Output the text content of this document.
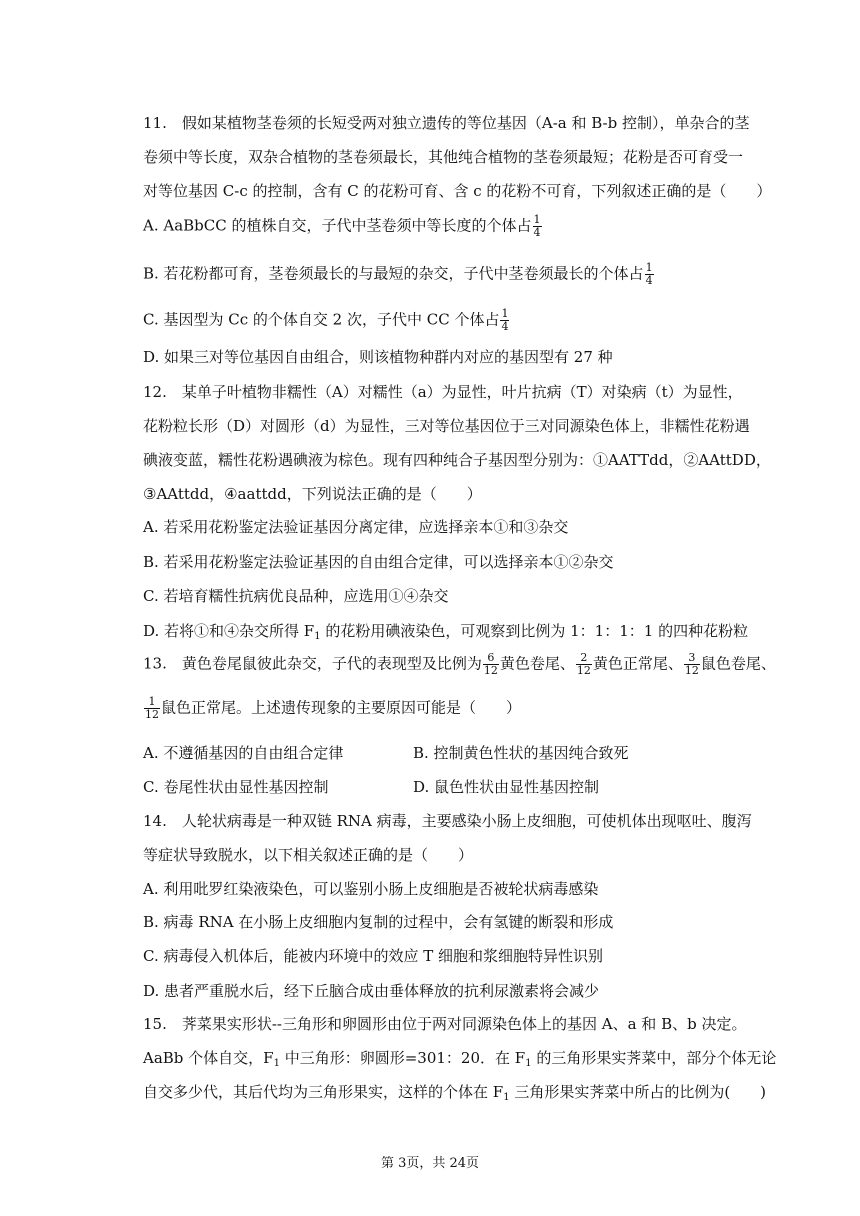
11.　假如某植物茎卷须的长短受两对独立遗传的等位基因（A-a 和 B-b 控制），单杂合的茎
卷须中等长度，双杂合植物的茎卷须最长，其他纯合植物的茎卷须最短；花粉是否可育受一
对等位基因 C-c 的控制，含有 C 的花粉可育、含 c 的花粉不可育，下列叙述正确的是（　　）
A. AaBbCC 的植株自交，子代中茎卷须中等长度的个体占 $\frac{1}{4}$
B. 若花粉都可育，茎卷须最长的与最短的杂交，子代中茎卷须最长的个体占 $\frac{1}{4}$
C. 基因型为 Cc 的个体自交 2 次，子代中 CC 个体占 $\frac{1}{4}$
D. 如果三对等位基因自由组合，则该植物种群内对应的基因型有 27 种
12.　某单子叶植物非糯性（A）对糯性（a）为显性，叶片抗病（T）对染病（t）为显性，
花粉粒长形（D）对圆形（d）为显性，三对等位基因位于三对同源染色体上，非糯性花粉遇
碘液变蓝，糯性花粉遇碘液为棕色。现有四种纯合子基因型分别为：①AATTdd，②AAttDD，
③AAttdd，④aattdd，下列说法正确的是（　　）
A. 若采用花粉鉴定法验证基因分离定律，应选择亲本①和③杂交
B. 若采用花粉鉴定法验证基因的自由组合定律，可以选择亲本①②杂交
C. 若培育糯性抗病优良品种，应选用①④杂交
D. 若将①和④杂交所得 $F_1$ 的花粉用碘液染色，可观察到比例为 1：1：1：1 的四种花粉粒
13.　黄色卷尾鼠彼此杂交，子代的表现型及比例为 $\frac{6}{12}$ 黄色卷尾、 $\frac{2}{12}$ 黄色正常尾、 $\frac{3}{12}$ 鼠色卷尾、
$\frac{1}{12}$ 鼠色正常尾。上述遗传现象的主要原因可能是（　　）
A. 不遵循基因的自由组合定律	B. 控制黄色性状的基因纯合致死
C. 卷尾性状由显性基因控制	D. 鼠色性状由显性基因控制
14.　人轮状病毒是一种双链 RNA 病毒，主要感染小肠上皮细胞，可使机体出现呕吐、腹泻
等症状导致脱水，以下相关叙述正确的是（　　）
A. 利用吡罗红染液染色，可以鉴别小肠上皮细胞是否被轮状病毒感染
B. 病毒 RNA 在小肠上皮细胞内复制的过程中，会有氢键的断裂和形成
C. 病毒侵入机体后，能被内环境中的效应 T 细胞和浆细胞特异性识别
D. 患者严重脱水后，经下丘脑合成由垂体释放的抗利尿激素将会减少
15.　荠菜果实形状--三角形和卵圆形由位于两对同源染色体上的基因 A、a 和 B、b 决定。
AaBb 个体自交，$F_1$ 中三角形：卵圆形=301：20．在 $F_1$ 的三角形果实荠菜中，部分个体无论
自交多少代，其后代均为三角形果实，这样的个体在 $F_1$ 三角形果实荠菜中所占的比例为(　　)
第 3页，共 24页
